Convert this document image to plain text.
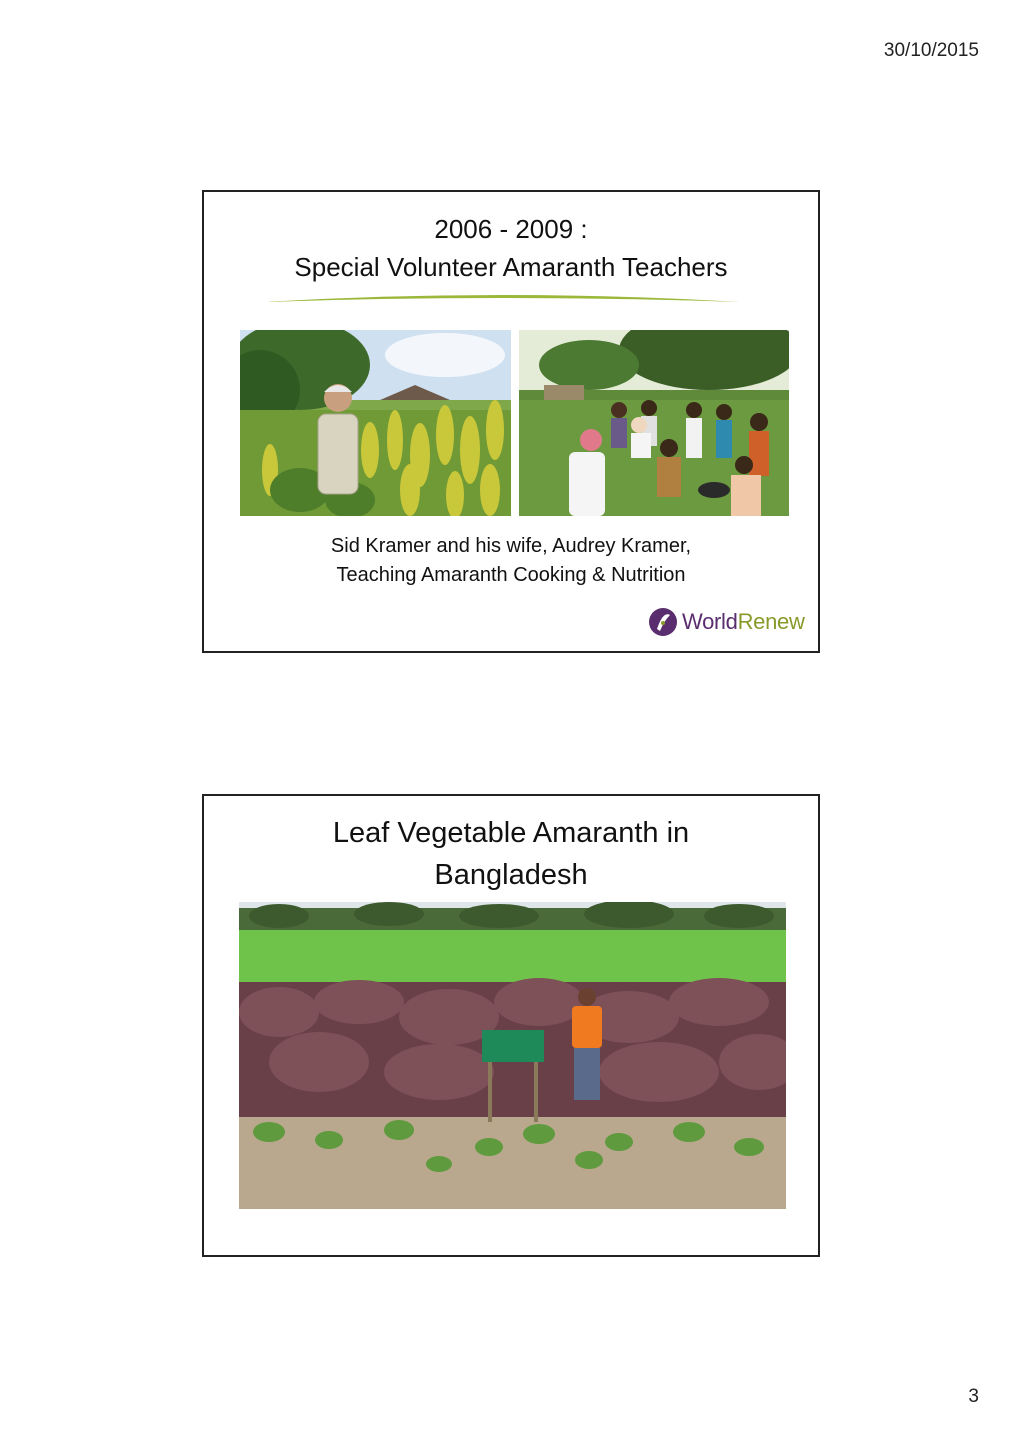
30/10/2015
2006 - 2009 :
Special Volunteer Amaranth Teachers
Sid Kramer and his wife, Audrey Kramer,
Teaching Amaranth Cooking & Nutrition
WorldRenew
Leaf Vegetable Amaranth in
Bangladesh
3
